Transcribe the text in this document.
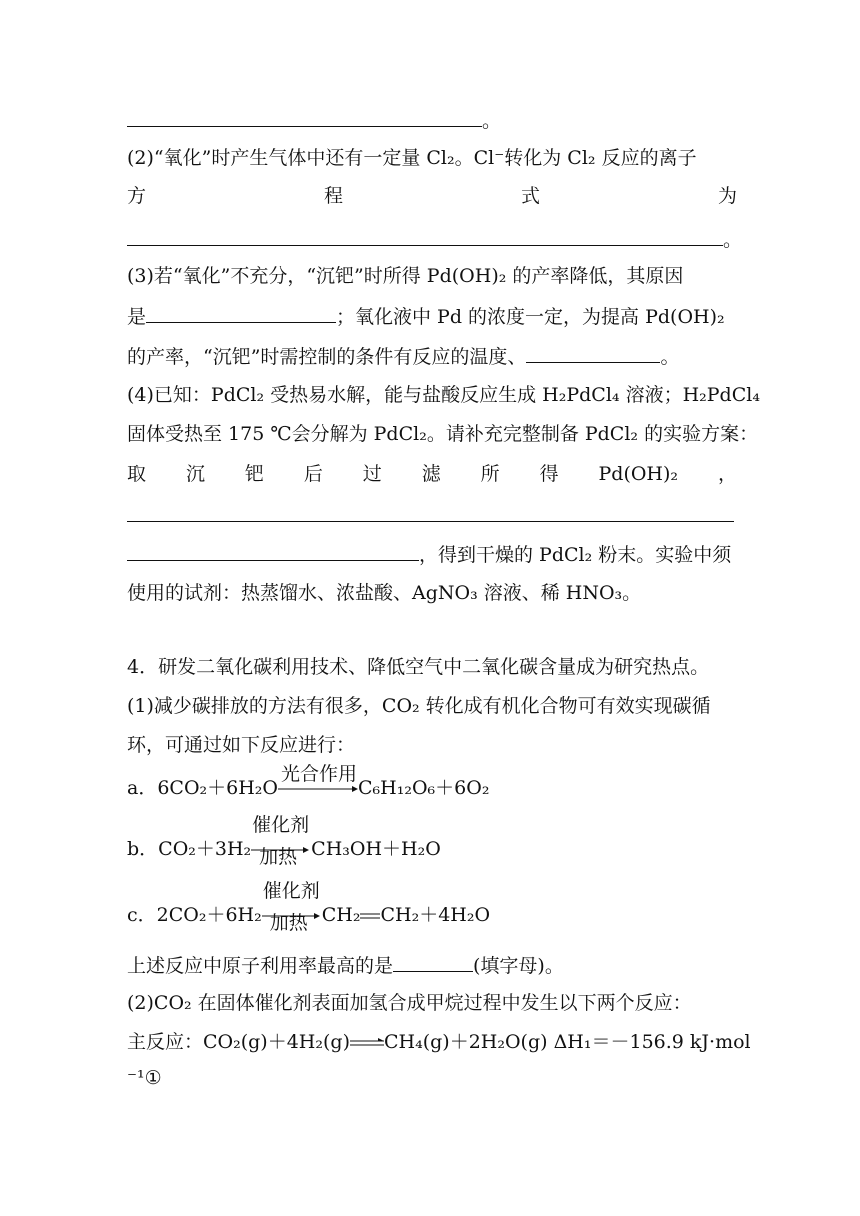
。
(2)“氧化”时产生气体中还有一定量 Cl₂。Cl⁻转化为 Cl₂ 反应的离子
方	程	式	为
。
(3)若“氧化”不充分，“沉钯”时所得 Pd(OH)₂ 的产率降低，其原因
是	；氧化液中 Pd 的浓度一定，为提高 Pd(OH)₂
的产率，“沉钯”时需控制的条件有反应的温度、	。
(4)已知：PdCl₂ 受热易水解，能与盐酸反应生成 H₂PdCl₄ 溶液；H₂PdCl₄
固体受热至 175 ℃会分解为 PdCl₂。请补充完整制备 PdCl₂ 的实验方案：
取 沉 钯 后 过 滤 所 得 Pd(OH)₂ ，
，得到干燥的 PdCl₂ 粉末。实验中须
使用的试剂：热蒸馏水、浓盐酸、AgNO₃ 溶液、稀 HNO₃。
4．研发二氧化碳利用技术、降低空气中二氧化碳含量成为研究热点。
(1)减少碳排放的方法有很多，CO₂ 转化成有机化合物可有效实现碳循
环，可通过如下反应进行：
a．6CO₂＋6H₂O
光合作用
C₆H₁₂O₆＋6O₂
b．CO₂＋3H₂
催化剂
加热 CH₃OH＋H₂O
c．2CO₂＋6H₂
催化剂
加热 CH₂ CH₂＋4H₂O
上述反应中原子利用率最高的是	(填字母)。
(2)CO₂ 在固体催化剂表面加氢合成甲烷过程中发生以下两个反应：
主反应：CO₂(g)＋4H₂(g) CH₄(g)＋2H₂O(g) ΔH₁＝－156.9 kJ·mol
⁻¹①
